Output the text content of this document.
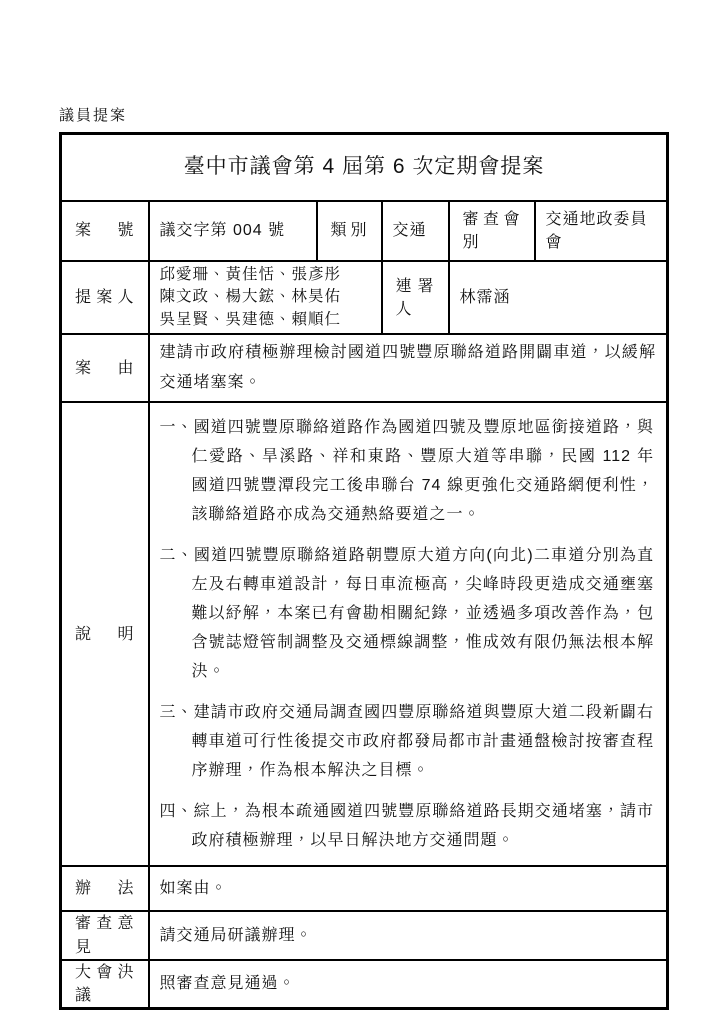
議員提案
臺中市議會第 4 屆第 6 次定期會提案					
案號	議交字第 004 號	類別	交通	審查會別	交通地政委員會
提案人	邱愛珊、黃佳恬、張彥彤
陳文政、楊大鋐、林昊佑
吳呈賢、吳建德、賴順仁		連署人	林霈涵	
案由	建請市政府積極辦理檢討國道四號豐原聯絡道路開闢車道，以緩解交通堵塞案。				

說明	一、國道四號豐原聯絡道路作為國道四號及豐原地區銜接道路，與仁愛路、旱溪路、祥和東路、豐原大道等串聯，民國 112 年國道四號豐潭段完工後串聯台 74 線更強化交通路網便利性，該聯絡道路亦成為交通熱絡要道之一。
二、國道四號豐原聯絡道路朝豐原大道方向(向北)二車道分別為直左及右轉車道設計，每日車流極高，尖峰時段更造成交通壅塞難以紓解，本案已有會勘相關紀錄，並透過多項改善作為，包含號誌燈管制調整及交通標線調整，惟成效有限仍無法根本解決。
三、建請市政府交通局調查國四豐原聯絡道與豐原大道二段新闢右轉車道可行性後提交市政府都發局都市計畫通盤檢討按審查程序辦理，作為根本解決之目標。
四、綜上，為根本疏通國道四號豐原聯絡道路長期交通堵塞，請市政府積極辦理，以早日解決地方交通問題。				

辦法	如案由。				
審查意見	請交通局研議辦理。				
大會決議	照審查意見通過。				
